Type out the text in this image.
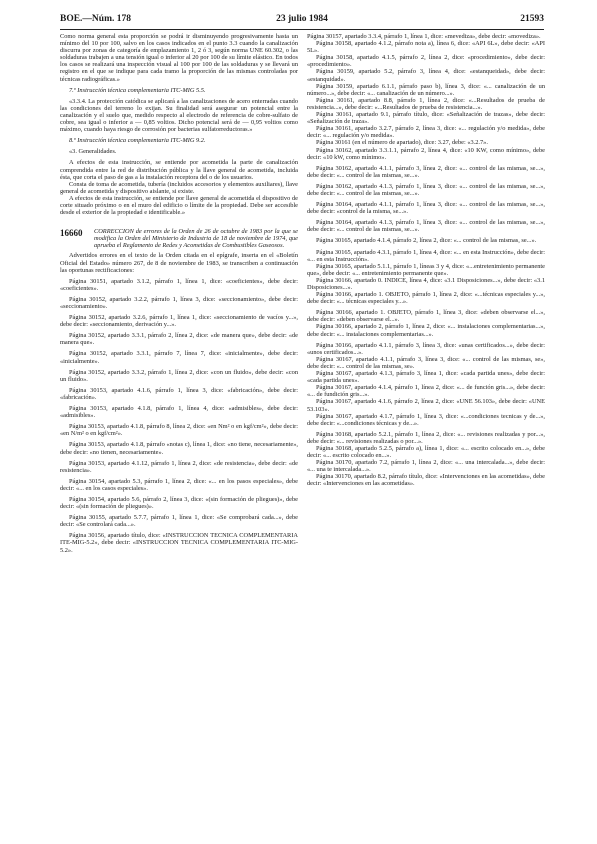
BOE.—Núm. 178	23 julio 1984	21593

Como norma general esta proporción se podrá ir disminuyendo progresivamente hasta un mínimo del 10 por 100, salvo en los casos indicados en el punto 3.3 cuando la canalización discurra por zonas de categoría de emplazamiento 1, 2 ó 3, según norma UNE 60.302, o las soldaduras trabajen a una tensión igual o inferior al 20 por 100 de su límite elástico. En todos los casos se realizará una inspección visual al 100 por 100 de las soldaduras y se llevará un registro en el que se indique para cada tramo la proporción de las mismas controladas por técnicas radiográficas.»

7.º Instrucción técnica complementaria ITC-MIG 5.5.

«3.3.4. La protección catódica se aplicará a las canalizaciones de acero enterradas cuando las condiciones del terreno lo exijan. Su finalidad será asegurar un potencial entre la canalización y el suelo que, medido respecto al electrodo de referencia de cobre-sulfato de cobre, sea igual o inferior a — 0,85 voltios. Dicho potencial será de — 0,95 voltios como máximo, cuando haya riesgo de corrosión por bacterias sulfatorreductoras.»

8.º Instrucción técnica complementaria ITC-MIG 9.2.

«3. Generalidades.

A efectos de esta instrucción, se entiende por acometida la parte de canalización comprendida entre la red de distribución pública y la llave general de acometida, incluida ésta, que corta el paso de gas a la instalación receptora del o de los usuarios.

Consta de toma de acometida, tubería (incluidos accesorios y elementos auxiliares), llave general de acometida y dispositivo aislante, si existe.

A efectos de esta instrucción, se entiende por llave general de acometida el dispositivo de corte situado próximo o en el muro del edificio o límite de la propiedad. Debe ser accesible desde el exterior de la propiedad e identificable.»

16660	CORRECCION de errores de la Orden de 26 de octubre de 1983 por la que se modifica la Orden del Ministerio de Industria de 18 de noviembre de 1974, que aprueba el Reglamento de Redes y Acometidas de Combustibles Gaseosos.

Advertidos errores en el texto de la Orden citada en el epígrafe, inserta en el «Boletín Oficial del Estado» número 267, de 8 de noviembre de 1983, se transcriben a continuación las oportunas rectificaciones:

Página 30151, apartado 3.1.2, párrafo 1, línea 1, dice: «coeficientes», debe decir: «coeficientes».

Página 30152, apartado 3.2.2, párrafo 1, línea 3, dice: «seccionamiento», debe decir: «seccionamiento».

Página 30152, apartado 3.2.6, párrafo 1, línea 1, dice: «seccionamiento de vacíos y...», debe decir: «seccionamiento, derivación y...».

Página 30152, apartado 3.3.1, párrafo 2, línea 2, dice: «de manera que», debe decir: «de manera que».

Página 30152, apartado 3.3.1, párrafo 7, línea 7, dice: «inicialmente», debe decir: «inicialmente».

Página 30152, apartado 3.3.2, párrafo 1, línea 2, dice: «con un fluido», debe decir: «con un fluido».

Página 30153, apartado 4.1.6, párrafo 1, línea 3, dice: «fabricación», debe decir: «fabricación».

Página 30153, apartado 4.1.8, párrafo 1, línea 4, dice: «admisibles», debe decir: «admisibles».

Página 30153, apartado 4.1.8, párrafo 8, línea 2, dice: «en Nm² o en kgf/cm²», debe decir: «en N/m² o en kgf/cm²».

Página 30153, apartado 4.1.8, párrafo «notas c), línea 1, dice: «no tiene, necesariamente», debe decir: «no tienen, necesariamente».

Página 30153, apartado 4.1.12, párrafo 1, línea 2, dice: «de resistencia», debe decir: «de resistencia».

Página 30154, apartado 5.3, párrafo 1, línea 2, dice: «... en los pasos especiales», debe decir: «... en los casos especiales».

Página 30154, apartado 5.6, párrafo 2, línea 3, dice: «(sin formación de pliegues)», debe decir: «(sin formación de pliegues)».

Página 30155, apartado 5.7.7, párrafo 1, línea 1, dice: «Se comprobará cada...», debe decir: «Se controlará cada...».

Página 30156, apartado título, dice: «INSTRUCCION TECNICA COMPLEMENTARIA ITE-MIG-5.2», debe decir: «INSTRUCCION TECNICA COMPLEMENTARIA ITC-MIG-5.2».

Página 30157, apartado 3.3.4, párrafo 1, línea 1, dice: «mevediza», debe decir: «movediza».

Página 30158, apartado 4.1.2, párrafo nota a), línea 6, dice: «API 6L», debe decir: «API 5L».

Página 30158, apartado 4.1.5, párrafo 2, línea 2, dice: «procedimiento», debe decir: «procedimiento».

Página 30159, apartado 5.2, párrafo 3, línea 4, dice: «estanqueidad», debe decir: «estanquidad».

Página 30159, apartado 6.1.1, párrafo paso b), línea 3, dice: «... canalización de un número...», debe decir: «... canalización de un número...».

Página 30161, apartado 8.8, párrafo 1, línea 2, dice: «...Resultados de prueba de resistencia...», debe decir: «...Resultados de prueba de resistencia...».

Página 30161, apartado 9.1, párrafo título, dice: «Señalización de trazas», debe decir: «Señalización de traza».

Página 30161, apartado 3.2.7, párrafo 2, línea 3, dice: «... regulación y/o medida», debe decir: «... regulación y/o medida».

Página 30161 (en el número de apartado), dice: 3.27, debe: «3.2.7».

Página 30162, apartado 3.3.1.1, párrafo 2, línea 4, dice: «10 KW, como mínimo», debe decir: «10 kW, como mínimo».

Página 30162, apartado 4.1.1, párrafo 3, línea 2, dice: «... control de las mismas, se...», debe decir: «... control de las mismas, se...».

Página 30162, apartado 4.1.3, párrafo 1, línea 3, dice: «... control de las mismas, se...», debe decir: «... control de las mismas, se...».

Página 30164, apartado 4.1.1, párrafo 1, línea 3, dice: «... control de las mismas, se...», debe decir: «control de la misma, se...».

Página 30164, apartado 4.1.3, párrafo 1, línea 3, dice: «... control de las mismas, se...», debe decir: «... control de las mismas, se...».

Página 30165, apartado 4.1.4, párrafo 2, línea 2, dice: «... control de las mismas, se...».

Página 30165, apartado 4.3.1, párrafo 1, línea 4, dice: «... en esta Instrucción», debe decir: «... en esta Instrucción».

Página 30165, apartado 5.1.1, párrafo 1, líneas 3 y 4, dice: «...entretenimiento permanente que», debe decir: «... entretenimiento permanente que».

Página 30166, apartado 0. INDICE, línea 4, dice: «3.1 Disposiciones...», debe decir: «3.1 Disposiciones...».

Página 30166, apartado 1. OBJETO, párrafo 1, línea 2, dice: «...técnicas especiales y...», debe decir: «... técnicas especiales y...».

Página 30166, apartado 1. OBJETO, párrafo 1, línea 3, dice: «deben observarse el...», debe decir: «deben observarse el...».

Página 30166, apartado 2, párrafo 1, línea 2, dice: «... instalaciones complementarias...», debe decir: «... instalaciones complementarias...».

Página 30166, apartado 4.1.1, párrafo 3, línea 3, dice: «unas certificados...», debe decir: «unos certificados...».

Página 30167, apartado 4.1.1, párrafo 3, línea 3, dice: «... control de las mismas, se», debe decir: «... control de las mismas, se».

Página 30167, apartado 4.1.3, párrafo 3, línea 1, dice: «cada partida unes», debe decir: «cada partida unes».

Página 30167, apartado 4.1.4, párrafo 1, línea 2, dice: «... de función gris...», debe decir: «... de fundición gris...».

Página 30167, apartado 4.1.6, párrafo 2, línea 2, dice: «UNE 56.103», debe decir: «UNE 53.103».

Página 30167, apartado 4.1.7, párrafo 1, línea 3, dice: «...condiciones tecnicas y de...», debe decir: «...condiciones técnicas y de...».

Página 30168, apartado 5.2.1, párrafo 1, línea 2, dice: «... revisiones realizadas y por...», debe decir: «... revisiones realizadas o por...».

Página 30168, apartado 5.2.5, párrafo a), línea 1, dice: «... escrito colocado en...», debe decir: «... escrito colocado en...».

Página 30170, apartado 7.2, párrafo 1, línea 2, dice: «... una intercalada...», debe decir: «... una te intercalada...».

Página 30170, apartado 8.2, párrafo título, dice: «Intervenciones en las acometidas», debe decir: «Intervenciones en las acometidas».
